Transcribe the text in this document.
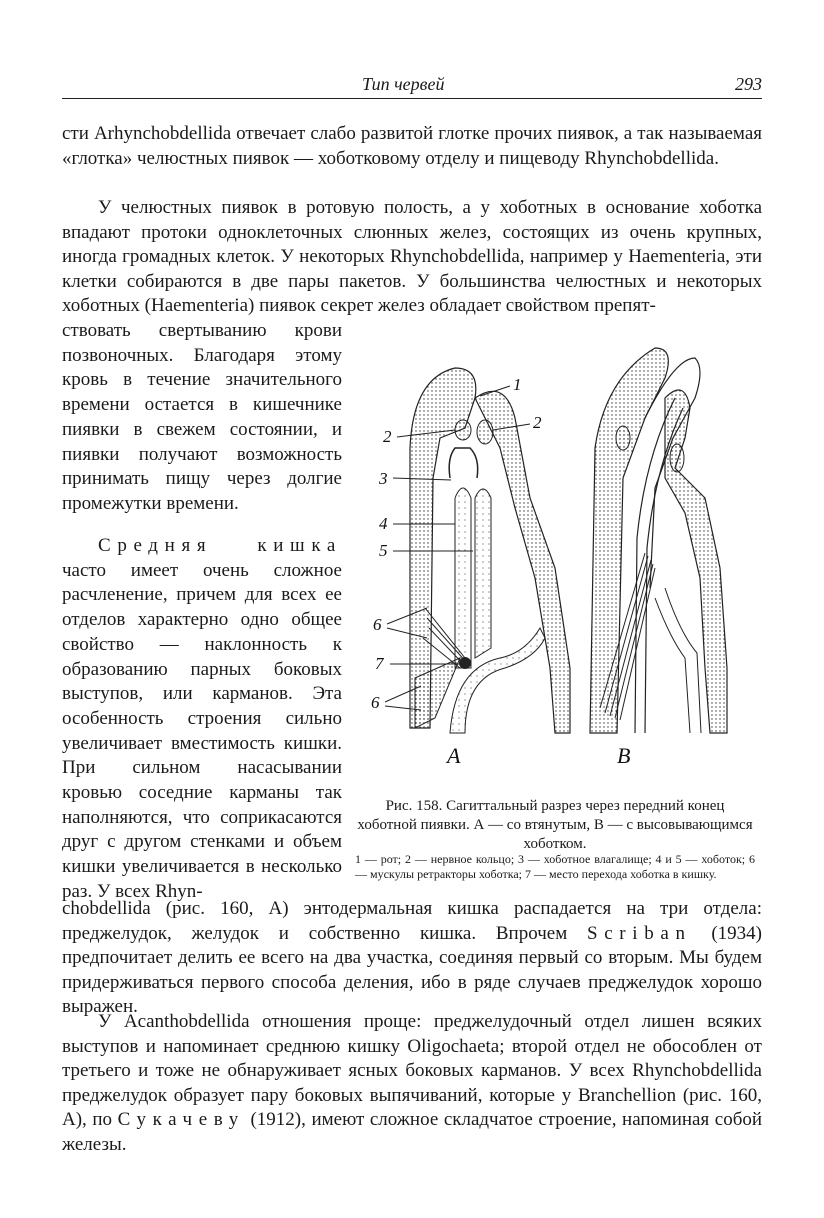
Тип червей	293

сти Arhynchobdellida отвечает слабо развитой глотке прочих пиявок, а так называемая «глотка» челюстных пиявок — хоботковому отделу и пищеводу Rhynchobdellida.

У челюстных пиявок в ротовую полость, а у хоботных в основание хоботка впадают протоки одноклеточных слюнных желез, состоящих из очень крупных, иногда громадных клеток. У некоторых Rhynchobdellida, например у Haementeria, эти клетки собираются в две пары пакетов. У большинства челюстных и некоторых хоботных (Haementeria) пиявок секрет желез обладает свойством препят-

ствовать свертыванию крови позвоночных. Благодаря этому кровь в течение значительного времени остается в кишечнике пиявки в свежем состоянии, и пиявки получают возможность принимать пищу через долгие промежутки времени.

Средняя кишка часто имеет очень сложное расчленение, причем для всех ее отделов характерно одно общее свойство — наклонность к образованию парных боковых выступов, или карманов. Эта особенность строения сильно увеличивает вместимость кишки. При сильном насасывании кровью соседние карманы так наполняются, что соприкасаются друг с другом стенками и объем кишки увеличивается в несколько раз. У всех Rhyn-

chobdellida (рис. 160, А) энтодермальная кишка распадается на три отдела: преджелудок, желудок и собственно кишка. Впрочем Scriban (1934) предпочитает делить ее всего на два участка, соединяя первый со вторым. Мы будем придерживаться первого способа деления, ибо в ряде случаев преджелудок хорошо выражен.

У Acanthobdellida отношения проще: преджелудочный отдел лишен всяких выступов и напоминает среднюю кишку Oligochaeta; второй отдел не обособлен от третьего и тоже не обнаруживает ясных боковых карманов. У всех Rhynchobdellida преджелудок образует пару боковых выпячиваний, которые у Branchellion (рис. 160, А), по Сукачеву (1912), имеют сложное складчатое строение, напоминая собой железы.

1
2
2
3
4
5
6
7
6
A	B

Рис. 158. Сагиттальный разрез через передний конец хоботной пиявки. А — со втянутым, В — с высовывающимся хоботком.

1 — рот; 2 — нервное кольцо; 3 — хоботное влагалище; 4 и 5 — хоботок; 6 — мускулы ретракторы хоботка; 7 — место перехода хоботка в кишку.
